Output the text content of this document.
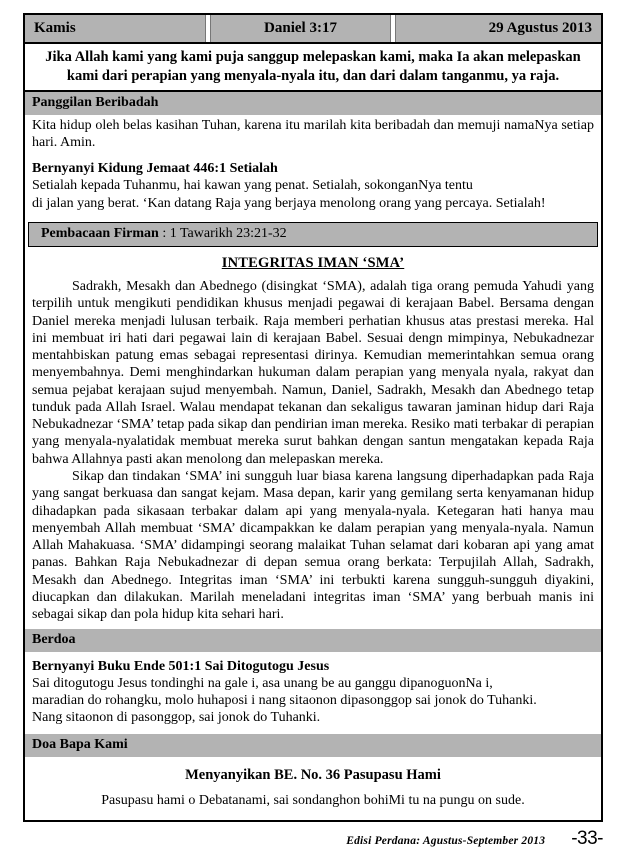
Kamis	Daniel 3:17	29 Agustus 2013
Jika Allah kami yang kami puja sanggup melepaskan kami, maka Ia akan melepaskan
kami dari perapian yang menyala-nyala itu, dan dari dalam tanganmu, ya raja.
Panggilan Beribadah
Kita hidup oleh belas kasihan Tuhan, karena itu marilah kita beribadah dan memuji namaNya setiap hari. Amin.
Bernyanyi Kidung Jemaat 446:1 Setialah
Setialah kepada Tuhanmu, hai kawan yang penat. Setialah, sokonganNya tentu
di jalan yang berat. ‘Kan datang Raja yang berjaya menolong orang yang percaya. Setialah!
Pembacaan Firman : 1 Tawarikh 23:21-32
INTEGRITAS IMAN ‘SMA’

Sadrakh, Mesakh dan Abednego (disingkat ‘SMA), adalah tiga orang pemuda Yahudi yang terpilih untuk mengikuti pendidikan khusus menjadi pegawai di kerajaan Babel. Bersama dengan Daniel mereka menjadi lulusan terbaik. Raja memberi perhatian khusus atas prestasi mereka. Hal ini membuat iri hati dari pegawai lain di kerajaan Babel. Sesuai dengn mimpinya, Nebukadnezar mentahbiskan patung emas sebagai representasi dirinya. Kemudian memerintahkan semua orang menyembahnya. Demi menghindarkan hukuman dalam perapian yang menyala nyala, rakyat dan semua pejabat kerajaan sujud menyembah. Namun, Daniel, Sadrakh, Mesakh dan Abednego tetap tunduk pada Allah Israel. Walau mendapat tekanan dan sekaligus tawaran jaminan hidup dari Raja Nebukadnezar ‘SMA’ tetap pada sikap dan pendirian iman mereka. Resiko mati terbakar di perapian yang menyala-nyalatidak membuat mereka surut bahkan dengan santun mengatakan kepada Raja bahwa Allahnya pasti akan menolong dan melepaskan mereka.

Sikap dan tindakan ‘SMA’ ini sungguh luar biasa karena langsung diperhadapkan pada Raja yang sangat berkuasa dan sangat kejam. Masa depan, karir yang gemilang serta kenyamanan hidup dihadapkan pada sikasaan terbakar dalam api yang menyala-nyala. Ketegaran hati hanya mau menyembah Allah membuat ‘SMA’ dicampakkan ke dalam perapian yang menyala-nyala. Namun Allah Mahakuasa. ‘SMA’ didampingi seorang malaikat Tuhan selamat dari kobaran api yang amat panas. Bahkan Raja Nebukadnezar di depan semua orang berkata: Terpujilah Allah, Sadrakh, Mesakh dan Abednego. Integritas iman ‘SMA’ ini terbukti karena sungguh-sungguh diyakini, diucapkan dan dilakukan. Marilah meneladani integritas iman ‘SMA’ yang berbuah manis ini sebagai sikap dan pola hidup kita sehari hari.

Berdoa
Bernyanyi Buku Ende 501:1 Sai Ditogutogu Jesus
Sai ditogutogu Jesus tondinghi na gale i, asa unang be au ganggu dipanoguonNa i,
maradian do rohangku, molo huhaposi i nang sitaonon dipasonggop sai jonok do Tuhanki.
Nang sitaonon di pasonggop, sai jonok do Tuhanki.
Doa Bapa Kami
Menyanyikan BE. No. 36 Pasupasu Hami
Pasupasu hami o Debatanami, sai sondanghon bohiMi tu na pungu on sude.
Edisi Perdana: Agustus-September 2013 -33-
